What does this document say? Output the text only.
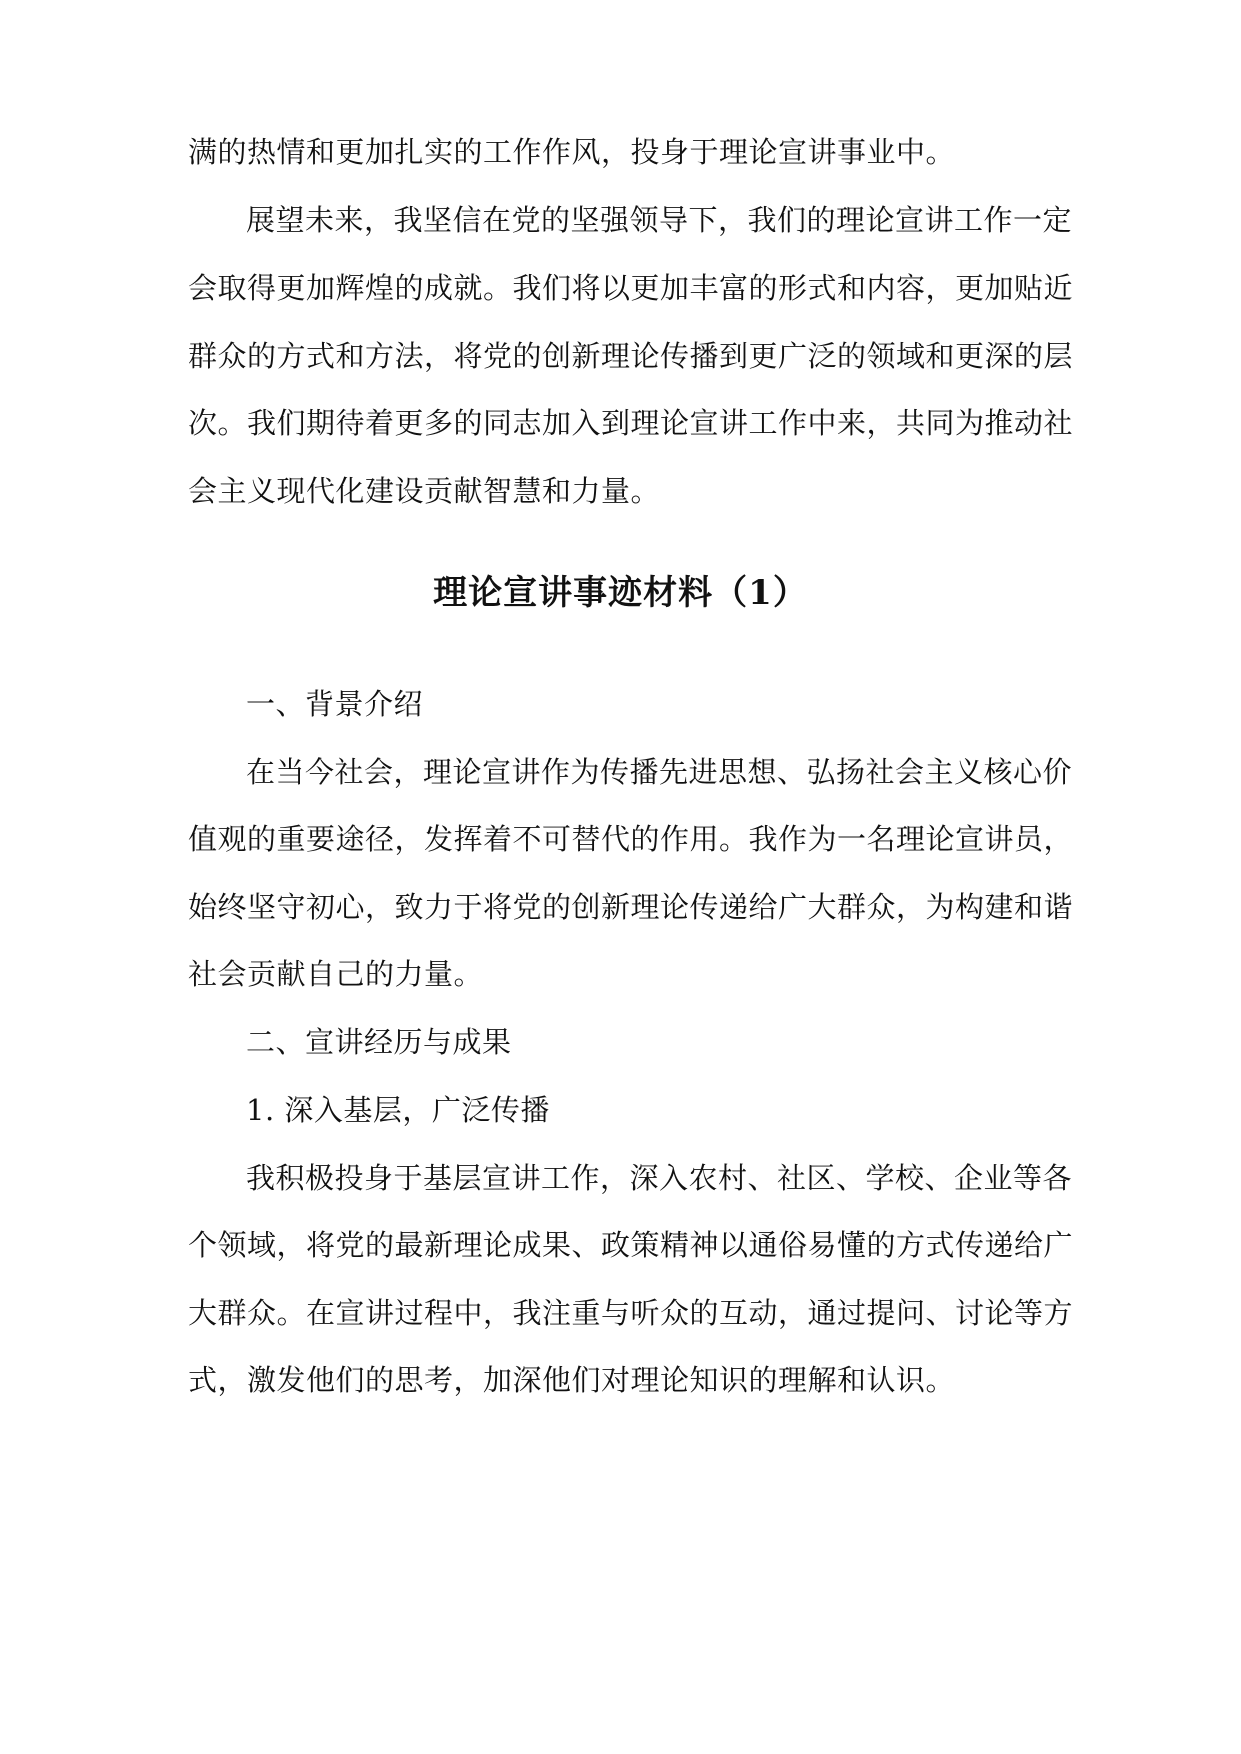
满的热情和更加扎实的工作作风，投身于理论宣讲事业中。
展望未来，我坚信在党的坚强领导下，我们的理论宣讲工作一定
会取得更加辉煌的成就。我们将以更加丰富的形式和内容，更加贴近
群众的方式和方法，将党的创新理论传播到更广泛的领域和更深的层
次。我们期待着更多的同志加入到理论宣讲工作中来，共同为推动社
会主义现代化建设贡献智慧和力量。
理论宣讲事迹材料（1）
一、背景介绍
在当今社会，理论宣讲作为传播先进思想、弘扬社会主义核心价
值观的重要途径，发挥着不可替代的作用。我作为一名理论宣讲员，
始终坚守初心，致力于将党的创新理论传递给广大群众，为构建和谐
社会贡献自己的力量。
二、宣讲经历与成果
1. 深入基层，广泛传播
我积极投身于基层宣讲工作，深入农村、社区、学校、企业等各
个领域，将党的最新理论成果、政策精神以通俗易懂的方式传递给广
大群众。在宣讲过程中，我注重与听众的互动，通过提问、讨论等方
式，激发他们的思考，加深他们对理论知识的理解和认识。
